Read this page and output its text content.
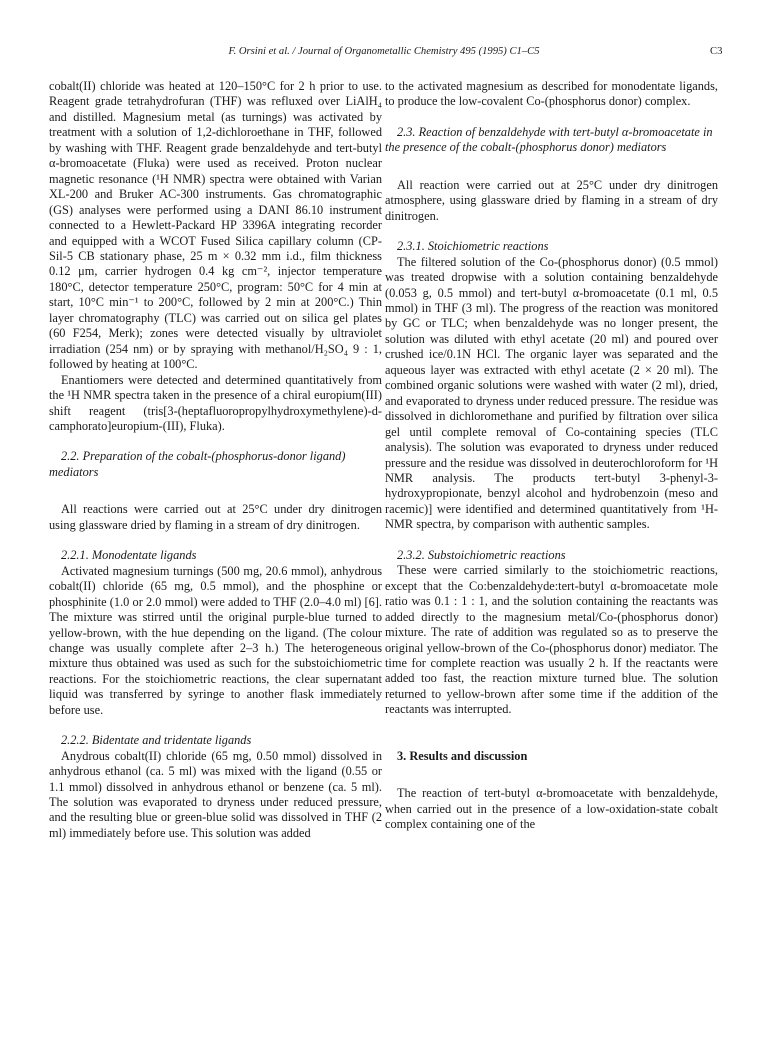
F. Orsini et al. / Journal of Organometallic Chemistry 495 (1995) C1–C5	C3

cobalt(II) chloride was heated at 120–150°C for 2 h prior to use. Reagent grade tetrahydrofuran (THF) was refluxed over LiAlH₄ and distilled. Magnesium metal (as turnings) was activated by treatment with a solution of 1,2-dichloroethane in THF, followed by washing with THF. Reagent grade benzaldehyde and tert-butyl α-bromoacetate (Fluka) were used as received. Proton nuclear magnetic resonance (¹H NMR) spectra were obtained with Varian XL-200 and Bruker AC-300 instruments. Gas chromatographic (GS) analyses were performed using a DANI 86.10 instrument connected to a Hewlett-Packard HP 3396A integrating recorder and equipped with a WCOT Fused Silica capillary column (CP-Sil-5 CB stationary phase, 25 m × 0.32 mm i.d., film thickness 0.12 μm, carrier hydrogen 0.4 kg cm⁻², injector temperature 180°C, detector temperature 250°C, program: 50°C for 4 min at start, 10°C min⁻¹ to 200°C, followed by 2 min at 200°C.) Thin layer chromatography (TLC) was carried out on silica gel plates (60 F254, Merk); zones were detected visually by ultraviolet irradiation (254 nm) or by spraying with methanol/H₂SO₄ 9 : 1, followed by heating at 100°C.

Enantiomers were detected and determined quantitatively from the ¹H NMR spectra taken in the presence of a chiral europium(III) shift reagent (tris[3-(heptafluoropropylhydroxymethylene)-d-camphorato]europium-(III), Fluka).

2.2. Preparation of the cobalt-(phosphorus-donor ligand) mediators

All reactions were carried out at 25°C under dry dinitrogen using glassware dried by flaming in a stream of dry dinitrogen.

2.2.1. Monodentate ligands

Activated magnesium turnings (500 mg, 20.6 mmol), anhydrous cobalt(II) chloride (65 mg, 0.5 mmol), and the phosphine or phosphinite (1.0 or 2.0 mmol) were added to THF (2.0–4.0 ml) [6]. The mixture was stirred until the original purple-blue turned to yellow-brown, with the hue depending on the ligand. (The colour change was usually complete after 2–3 h.) The heterogeneous mixture thus obtained was used as such for the substoichiometric reactions. For the stoichiometric reactions, the clear supernatant liquid was transferred by syringe to another flask immediately before use.

2.2.2. Bidentate and tridentate ligands

Anydrous cobalt(II) chloride (65 mg, 0.50 mmol) dissolved in anhydrous ethanol (ca. 5 ml) was mixed with the ligand (0.55 or 1.1 mmol) dissolved in anhydrous ethanol or benzene (ca. 5 ml). The solution was evaporated to dryness under reduced pressure, and the resulting blue or green-blue solid was dissolved in THF (2 ml) immediately before use. This solution was added

to the activated magnesium as described for monodentate ligands, to produce the low-covalent Co-(phosphorus donor) complex.

2.3. Reaction of benzaldehyde with tert-butyl α-bromoacetate in the presence of the cobalt-(phosphorus donor) mediators

All reaction were carried out at 25°C under dry dinitrogen atmosphere, using glassware dried by flaming in a stream of dry dinitrogen.

2.3.1. Stoichiometric reactions

The filtered solution of the Co-(phosphorus donor) (0.5 mmol) was treated dropwise with a solution containing benzaldehyde (0.053 g, 0.5 mmol) and tert-butyl α-bromoacetate (0.1 ml, 0.5 mmol) in THF (3 ml). The progress of the reaction was monitored by GC or TLC; when benzaldehyde was no longer present, the solution was diluted with ethyl acetate (20 ml) and poured over crushed ice/0.1N HCl. The organic layer was separated and the aqueous layer was extracted with ethyl acetate (2 × 20 ml). The combined organic solutions were washed with water (2 ml), dried, and evaporated to dryness under reduced pressure. The residue was dissolved in dichloromethane and purified by filtration over silica gel until complete removal of Co-containing species (TLC analysis). The solution was evaporated to dryness under reduced pressure and the residue was dissolved in deuterochloroform for ¹H NMR analysis. The products tert-butyl 3-phenyl-3-hydroxypropionate, benzyl alcohol and hydrobenzoin (meso and racemic)] were identified and determined quantitatively from ¹H-NMR spectra, by comparison with authentic samples.

2.3.2. Substoichiometric reactions

These were carried similarly to the stoichiometric reactions, except that the Co:benzaldehyde:tert-butyl α-bromoacetate mole ratio was 0.1 : 1 : 1, and the solution containing the reactants was added directly to the magnesium metal/Co-(phosphorus donor) mixture. The rate of addition was regulated so as to preserve the original yellow-brown of the Co-(phosphorus donor) mediator. The time for complete reaction was usually 2 h. If the reactants were added too fast, the reaction mixture turned blue. The solution returned to yellow-brown after some time if the addition of the reactants was interrupted.

3. Results and discussion

The reaction of tert-butyl α-bromoacetate with benzaldehyde, when carried out in the presence of a low-oxidation-state cobalt complex containing one of the
